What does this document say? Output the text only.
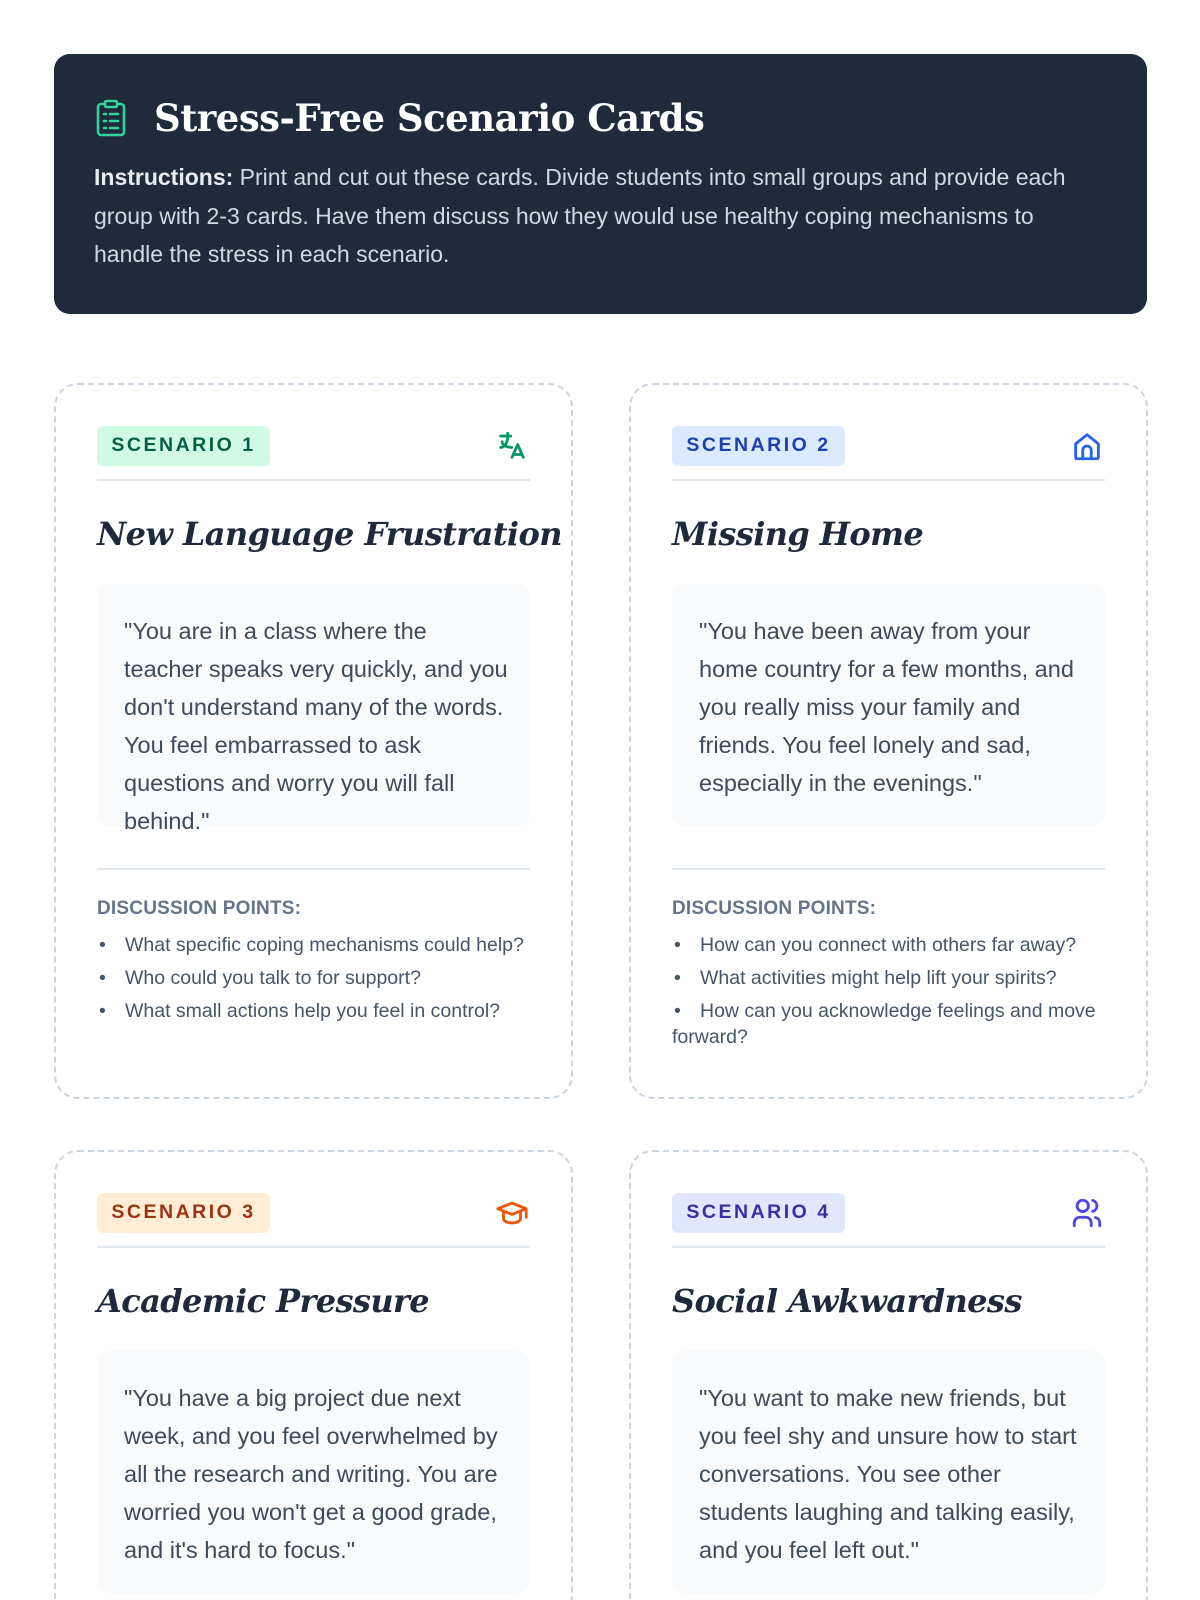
Stress-Free Scenario Cards

Instructions: Print and cut out these cards. Divide students into small groups and provide each group with 2-3 cards. Have them discuss how they would use healthy coping mechanisms to handle the stress in each scenario.

SCENARIO 1
New Language Frustration
"You are in a class where the teacher speaks very quickly, and you don't understand many of the words. You feel embarrassed to ask questions and worry you will fall behind."
DISCUSSION POINTS:
• What specific coping mechanisms could help?
• Who could you talk to for support?
• What small actions help you feel in control?
SCENARIO 2
Missing Home
"You have been away from your home country for a few months, and you really miss your family and friends. You feel lonely and sad, especially in the evenings."
DISCUSSION POINTS:
• How can you connect with others far away?
• What activities might help lift your spirits?
• How can you acknowledge feelings and move forward?
SCENARIO 3
Academic Pressure
"You have a big project due next week, and you feel overwhelmed by all the research and writing. You are worried you won't get a good grade, and it's hard to focus."
SCENARIO 4
Social Awkwardness
"You want to make new friends, but you feel shy and unsure how to start conversations. You see other students laughing and talking easily, and you feel left out."
